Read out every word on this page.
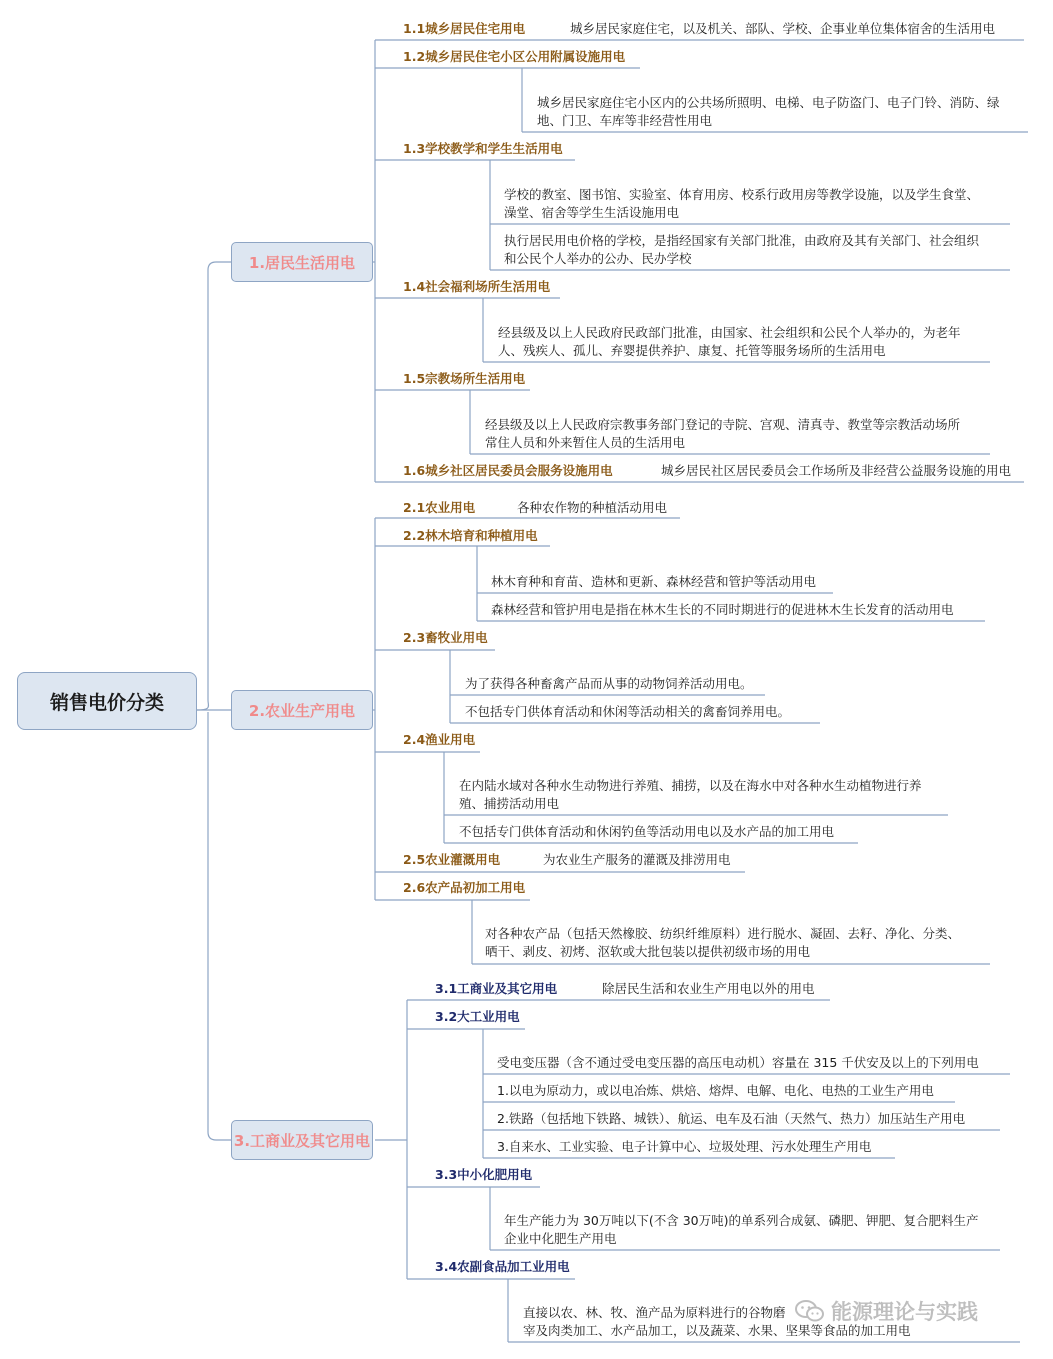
销售电价分类
1.居民生活用电
2.农业生产用电
3.工商业及其它用电
1.1城乡居民住宅用电	城乡居民家庭住宅，以及机关、部队、学校、企事业单位集体宿舍的生活用电
1.2城乡居民住宅小区公用附属设施用电
城乡居民家庭住宅小区内的公共场所照明、电梯、电子防盗门、电子门铃、消防、绿
地、门卫、车库等非经营性用电
1.3学校教学和学生生活用电
学校的教室、图书馆、实验室、体育用房、校系行政用房等教学设施，以及学生食堂、
澡堂、宿舍等学生生活设施用电
执行居民用电价格的学校，是指经国家有关部门批准，由政府及其有关部门、社会组织
和公民个人举办的公办、民办学校
1.4社会福利场所生活用电
经县级及以上人民政府民政部门批准，由国家、社会组织和公民个人举办的，为老年
人、残疾人、孤儿、弃婴提供养护、康复、托管等服务场所的生活用电
1.5宗教场所生活用电
经县级及以上人民政府宗教事务部门登记的寺院、宫观、清真寺、教堂等宗教活动场所
常住人员和外来暂住人员的生活用电
1.6城乡社区居民委员会服务设施用电	城乡居民社区居民委员会工作场所及非经营公益服务设施的用电
2.1农业用电	各种农作物的种植活动用电
2.2林木培育和种植用电
林木育种和育苗、造林和更新、森林经营和管护等活动用电
森林经营和管护用电是指在林木生长的不同时期进行的促进林木生长发育的活动用电
2.3畜牧业用电
为了获得各种畜禽产品而从事的动物饲养活动用电。
不包括专门供体育活动和休闲等活动相关的禽畜饲养用电。
2.4渔业用电
在内陆水域对各种水生动物进行养殖、捕捞，以及在海水中对各种水生动植物进行养
殖、捕捞活动用电
不包括专门供体育活动和休闲钓鱼等活动用电以及水产品的加工用电
2.5农业灌溉用电	为农业生产服务的灌溉及排涝用电
2.6农产品初加工用电
对各种农产品（包括天然橡胶、纺织纤维原料）进行脱水、凝固、去籽、净化、分类、
晒干、剥皮、初烤、沤软或大批包装以提供初级市场的用电
3.1工商业及其它用电	除居民生活和农业生产用电以外的用电
3.2大工业用电
受电变压器（含不通过受电变压器的高压电动机）容量在 315 千伏安及以上的下列用电
1.以电为原动力，或以电冶炼、烘焙、熔焊、电解、电化、电热的工业生产用电
2.铁路（包括地下铁路、城铁）、航运、电车及石油（天然气、热力）加压站生产用电
3.自来水、工业实验、电子计算中心、垃圾处理、污水处理生产用电
3.3中小化肥用电
年生产能力为 30万吨以下(不含 30万吨)的单系列合成氨、磷肥、钾肥、复合肥料生产
企业中化肥生产用电
3.4农副食品加工业用电
直接以农、林、牧、渔产品为原料进行的谷物磨
宰及肉类加工、水产品加工，以及蔬菜、水果、坚果等食品的加工用电
能源理论与实践
